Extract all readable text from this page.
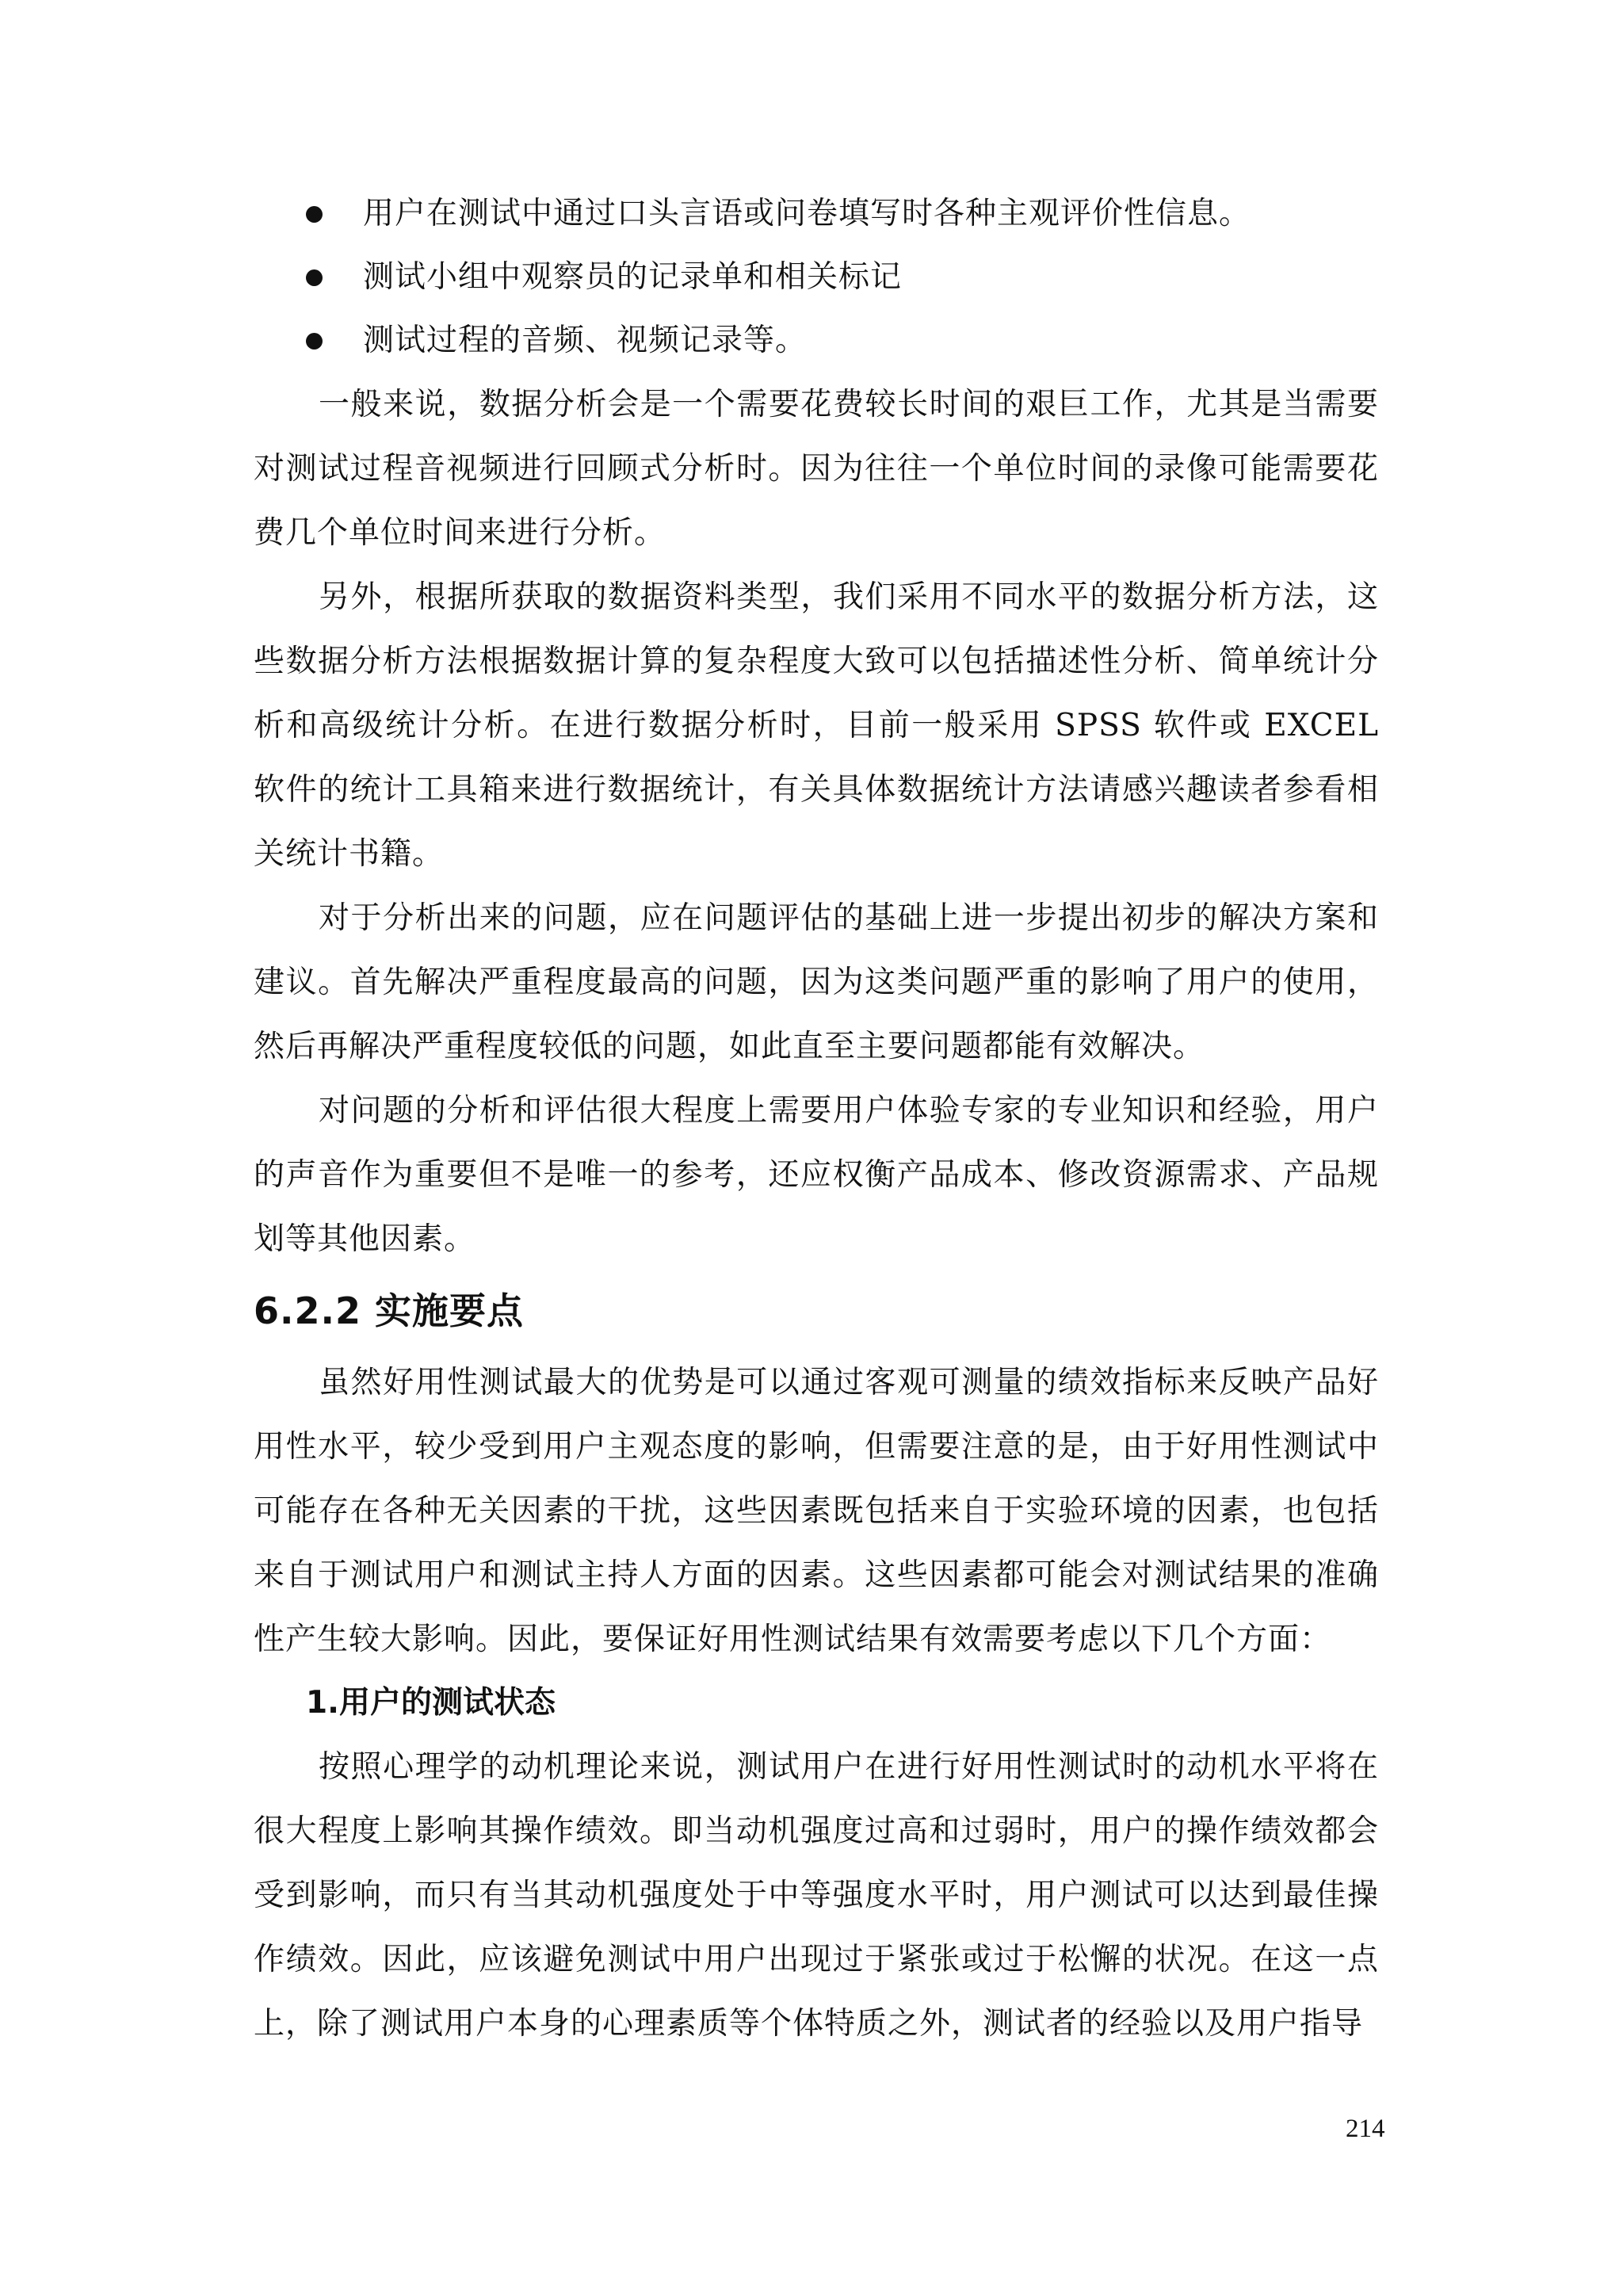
用户在测试中通过口头言语或问卷填写时各种主观评价性信息。
测试小组中观察员的记录单和相关标记
测试过程的音频、视频记录等。

一般来说，数据分析会是一个需要花费较长时间的艰巨工作，尤其是当需要对测试过程音视频进行回顾式分析时。因为往往一个单位时间的录像可能需要花费几个单位时间来进行分析。

另外，根据所获取的数据资料类型，我们采用不同水平的数据分析方法，这些数据分析方法根据数据计算的复杂程度大致可以包括描述性分析、简单统计分析和高级统计分析。在进行数据分析时，目前一般采用 SPSS 软件或 EXCEL 软件的统计工具箱来进行数据统计，有关具体数据统计方法请感兴趣读者参看相关统计书籍。

对于分析出来的问题，应在问题评估的基础上进一步提出初步的解决方案和建议。首先解决严重程度最高的问题，因为这类问题严重的影响了用户的使用，然后再解决严重程度较低的问题，如此直至主要问题都能有效解决。

对问题的分析和评估很大程度上需要用户体验专家的专业知识和经验，用户的声音作为重要但不是唯一的参考，还应权衡产品成本、修改资源需求、产品规划等其他因素。

6.2.2 实施要点

虽然好用性测试最大的优势是可以通过客观可测量的绩效指标来反映产品好用性水平，较少受到用户主观态度的影响，但需要注意的是，由于好用性测试中可能存在各种无关因素的干扰，这些因素既包括来自于实验环境的因素，也包括来自于测试用户和测试主持人方面的因素。这些因素都可能会对测试结果的准确性产生较大影响。因此，要保证好用性测试结果有效需要考虑以下几个方面：

1.用户的测试状态

按照心理学的动机理论来说，测试用户在进行好用性测试时的动机水平将在很大程度上影响其操作绩效。即当动机强度过高和过弱时，用户的操作绩效都会受到影响，而只有当其动机强度处于中等强度水平时，用户测试可以达到最佳操作绩效。因此，应该避免测试中用户出现过于紧张或过于松懈的状况。在这一点上，除了测试用户本身的心理素质等个体特质之外，测试者的经验以及用户指导

214
